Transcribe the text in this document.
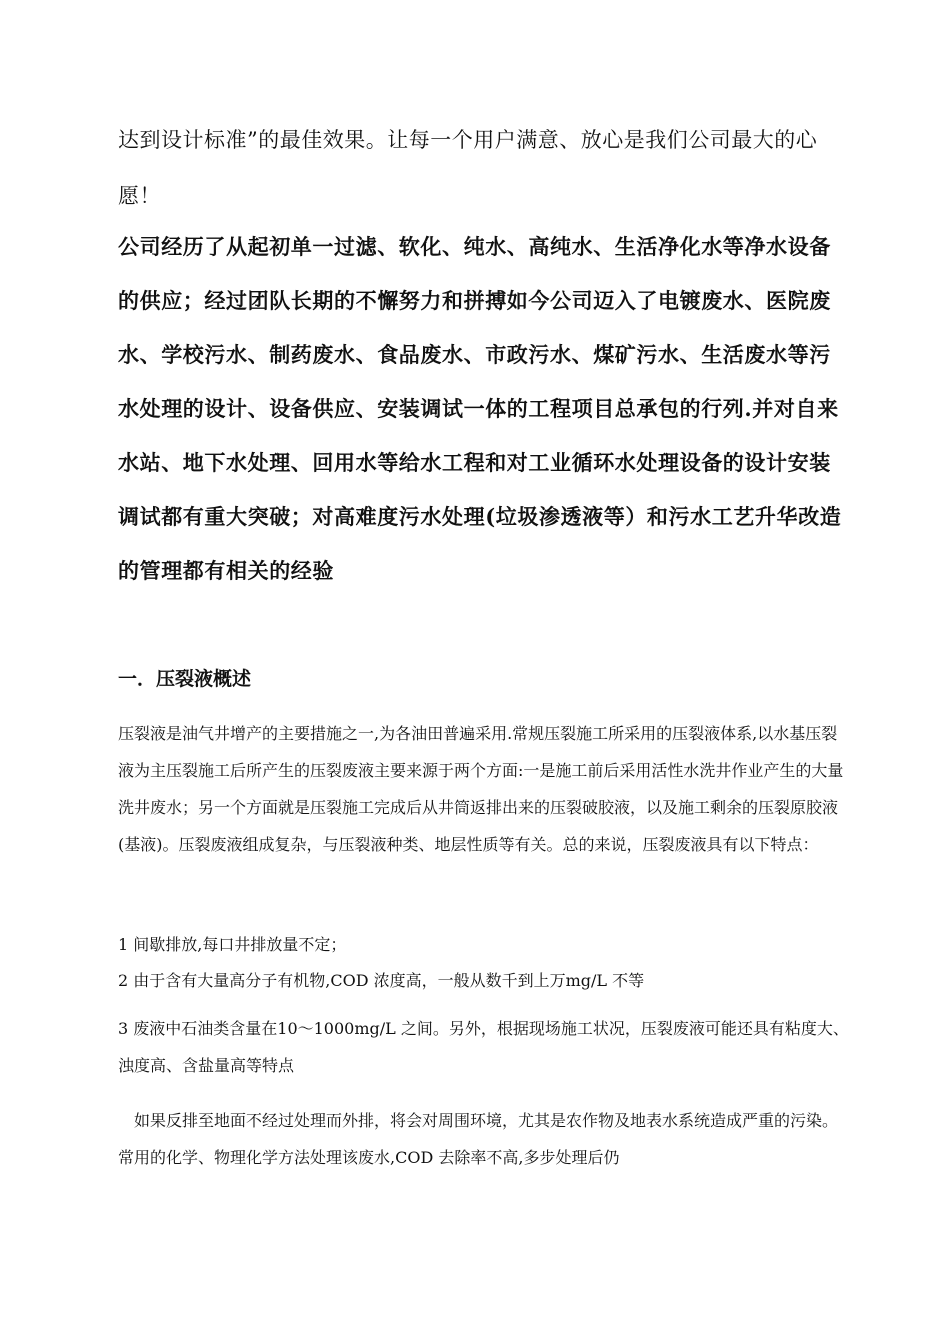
达到设计标准”的最佳效果。让每一个用户满意、放心是我们公司最大的心愿！
公司经历了从起初单一过滤、软化、纯水、高纯水、生活净化水等净水设备的供应；经过团队长期的不懈努力和拼搏如今公司迈入了电镀废水、医院废水、学校污水、制药废水、食品废水、市政污水、煤矿污水、生活废水等污水处理的设计、设备供应、安装调试一体的工程项目总承包的行列.并对自来水站、地下水处理、回用水等给水工程和对工业循环水处理设备的设计安装调试都有重大突破；对高难度污水处理(垃圾渗透液等）和污水工艺升华改造的管理都有相关的经验
一．压裂液概述
压裂液是油气井增产的主要措施之一,为各油田普遍采用.常规压裂施工所采用的压裂液体系,以水基压裂液为主压裂施工后所产生的压裂废液主要来源于两个方面:一是施工前后采用活性水洗井作业产生的大量洗井废水；另一个方面就是压裂施工完成后从井筒返排出来的压裂破胶液，以及施工剩余的压裂原胶液(基液)。压裂废液组成复杂，与压裂液种类、地层性质等有关。总的来说，压裂废液具有以下特点：
1 间歇排放,每口井排放量不定；
2 由于含有大量高分子有机物,COD 浓度高，一般从数千到上万mg/L 不等
3 废液中石油类含量在10～1000mg/L 之间。另外，根据现场施工状况，压裂废液可能还具有粘度大、浊度高、含盐量高等特点
如果反排至地面不经过处理而外排，将会对周围环境，尤其是农作物及地表水系统造成严重的污染。常用的化学、物理化学方法处理该废水,COD 去除率不高,多步处理后仍
